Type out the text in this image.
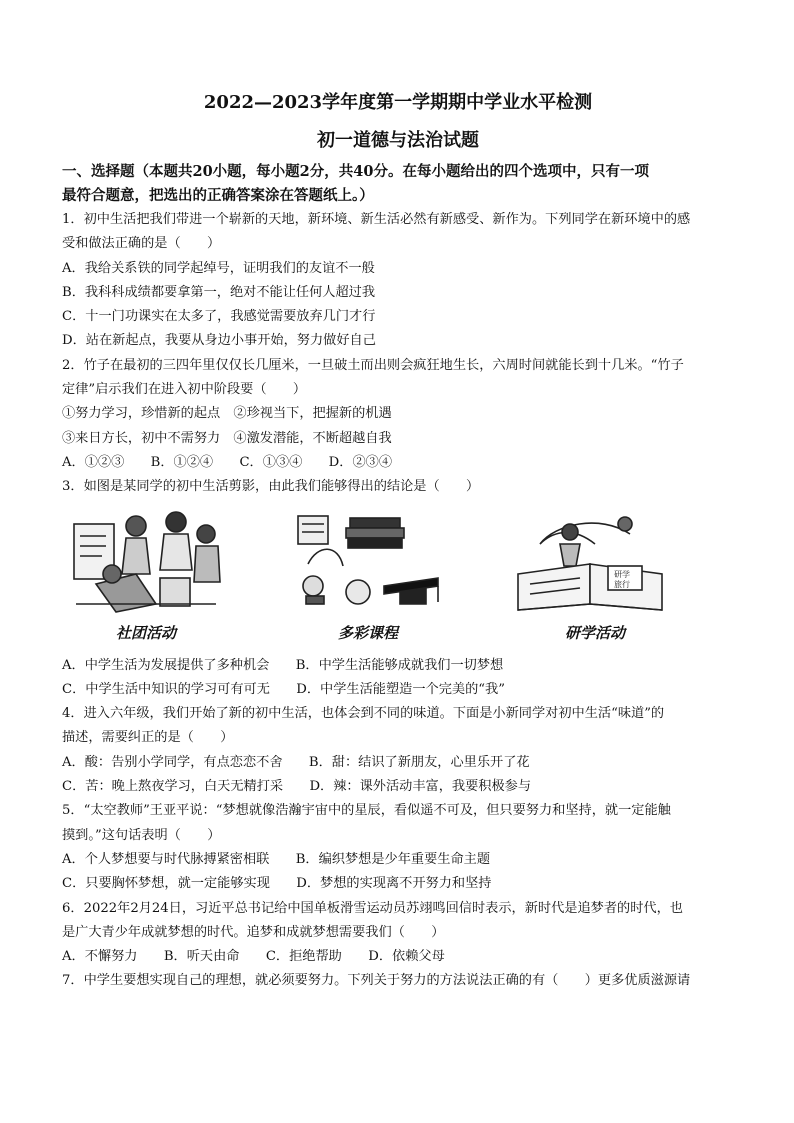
2022—2023学年度第一学期期中学业水平检测
初一道德与法治试题
一、选择题（本题共20小题，每小题2分，共40分。在每小题给出的四个选项中，只有一项
最符合题意，把选出的正确答案涂在答题纸上。）
1．初中生活把我们带进一个崭新的天地，新环境、新生活必然有新感受、新作为。下列同学在新环境中的感
受和做法正确的是（　　）
A．我给关系铁的同学起绰号，证明我们的友谊不一般
B．我科科成绩都要拿第一，绝对不能让任何人超过我
C．十一门功课实在太多了，我感觉需要放弃几门才行
D．站在新起点，我要从身边小事开始，努力做好自己
2．竹子在最初的三四年里仅仅长几厘米，一旦破土而出则会疯狂地生长，六周时间就能长到十几米。“竹子
定律”启示我们在进入初中阶段要（　　）
①努力学习，珍惜新的起点　②珍视当下，把握新的机遇
③来日方长，初中不需努力　④激发潜能，不断超越自我
A．①②③　　B．①②④　　C．①③④　　D．②③④
3．如图是某同学的初中生活剪影，由此我们能够得出的结论是（　　）
社团活动	多彩课程
研学
旅行
研学活动
A．中学生活为发展提供了多种机会　　B．中学生活能够成就我们一切梦想
C．中学生活中知识的学习可有可无　　D．中学生活能塑造一个完美的“我”
4．进入六年级，我们开始了新的初中生活，也体会到不同的味道。下面是小新同学对初中生活“味道”的
描述，需要纠正的是（　　）
A．酸：告别小学同学，有点恋恋不舍　　B．甜：结识了新朋友，心里乐开了花
C．苦：晚上熬夜学习，白天无精打采　　D．辣：课外活动丰富，我要积极参与
5．“太空教师”王亚平说：“梦想就像浩瀚宇宙中的星辰，看似遥不可及，但只要努力和坚持，就一定能触
摸到。”这句话表明（　　）
A．个人梦想要与时代脉搏紧密相联　　B．编织梦想是少年重要生命主题
C．只要胸怀梦想，就一定能够实现　　D．梦想的实现离不开努力和坚持
6．2022年2月24日，习近平总书记给中国单板滑雪运动员苏翊鸣回信时表示，新时代是追梦者的时代，也
是广大青少年成就梦想的时代。追梦和成就梦想需要我们（　　）
A．不懈努力　　B．听天由命　　C．拒绝帮助　　D．依赖父母
7．中学生要想实现自己的理想，就必须要努力。下列关于努力的方法说法正确的有（　　）更多优质滋源请
